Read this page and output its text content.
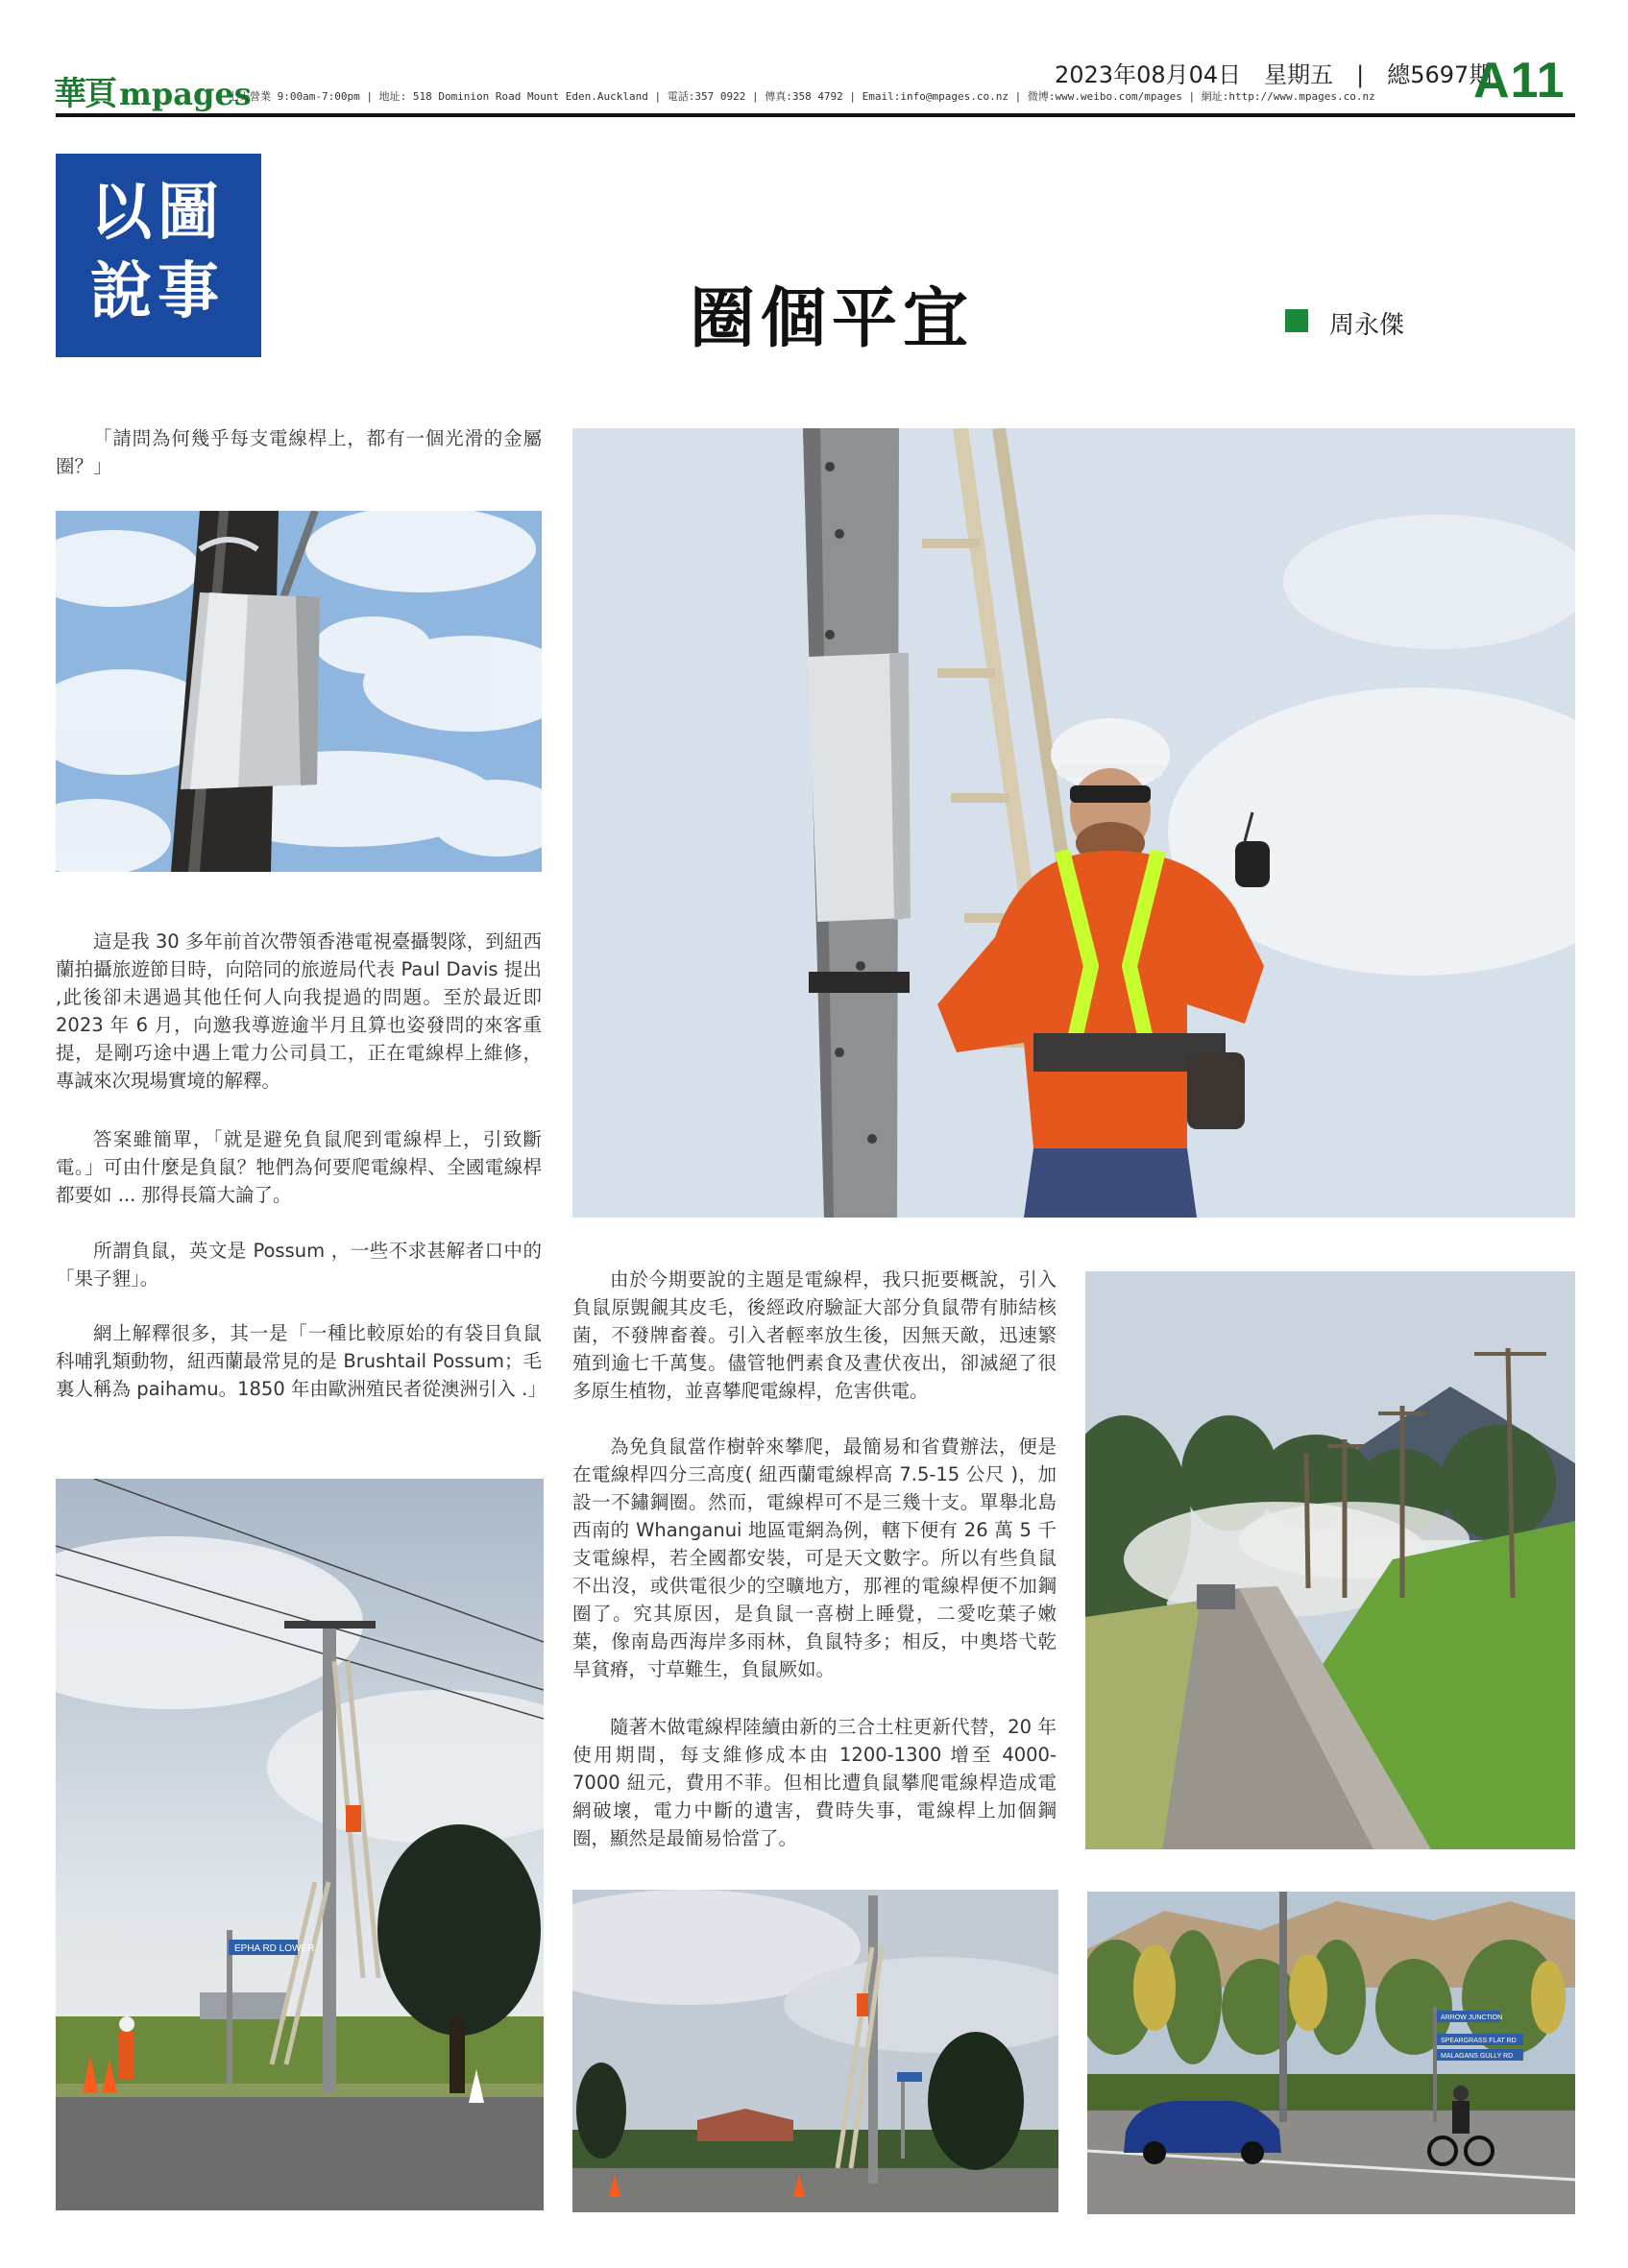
華頁 mpages
七天營業 9:00am-7:00pm | 地址: 518 Dominion Road Mount Eden.Auckland | 電話:357 0922 | 傳真:358 4792 | Email:info@mpages.co.nz | 微博:www.weibo.com/mpages | 網址:http://www.mpages.co.nz
2023年08月04日　星期五　|　總5697期
A11
以圖
說事	圈個平宜	周永傑

「請問為何幾乎每支電線桿上，都有一個光滑的金屬圈？」

這是我 30 多年前首次帶領香港電視臺攝製隊，到紐西蘭拍攝旅遊節目時，向陪同的旅遊局代表 Paul Davis 提出 ,此後卻未遇過其他任何人向我提過的問題。至於最近即 2023 年 6 月，向邀我導遊逾半月且算也姿發問的來客重提，是剛巧途中遇上電力公司員工，正在電線桿上維修，專誠來次現場實境的解釋。

答案雖簡單，「就是避免負鼠爬到電線桿上，引致斷電。」可由什麼是負鼠？牠們為何要爬電線桿、全國電線桿都要如 ... 那得長篇大論了。

所謂負鼠，英文是 Possum ，一些不求甚解者口中的「果子貍」。

網上解釋很多，其一是「一種比較原始的有袋目負鼠科哺乳類動物，紐西蘭最常見的是 Brushtail Possum；毛裏人稱為 paihamu。1850 年由歐洲殖民者從澳洲引入 .」

由於今期要說的主題是電線桿，我只扼要概說，引入負鼠原覬覦其皮毛，後經政府驗証大部分負鼠帶有肺結核菌，不發牌畜養。引入者輕率放生後，因無天敵，迅速繁殖到逾七千萬隻。儘管牠們素食及晝伏夜出，卻滅絕了很多原生植物，並喜攀爬電線桿，危害供電。

為免負鼠當作樹幹來攀爬，最簡易和省費辦法，便是在電線桿四分三高度( 紐西蘭電線桿高 7.5-15 公尺 )，加設一不鏽鋼圈。然而，電線桿可不是三幾十支。單舉北島西南的 Whanganui 地區電網為例，轄下便有 26 萬 5 千支電線桿，若全國都安裝，可是天文數字。所以有些負鼠不出沒，或供電很少的空曠地方，那裡的電線桿便不加鋼圈了。究其原因，是負鼠一喜樹上睡覺，二愛吃葉子嫩葉，像南島西海岸多雨林，負鼠特多；相反，中奧塔弋乾旱貧瘠，寸草難生，負鼠厥如。

隨著木做電線桿陸續由新的三合土柱更新代替，20 年使用期間，每支維修成本由 1200-1300 增至 4000-7000 紐元，費用不菲。但相比遭負鼠攀爬電線桿造成電網破壞，電力中斷的遺害，費時失事，電線桿上加個鋼圈，顯然是最簡易恰當了。

EPHA RD LOWER
ARROW JUNCTION
SPEARGRASS FLAT RD
MALAGANS GULLY RD
